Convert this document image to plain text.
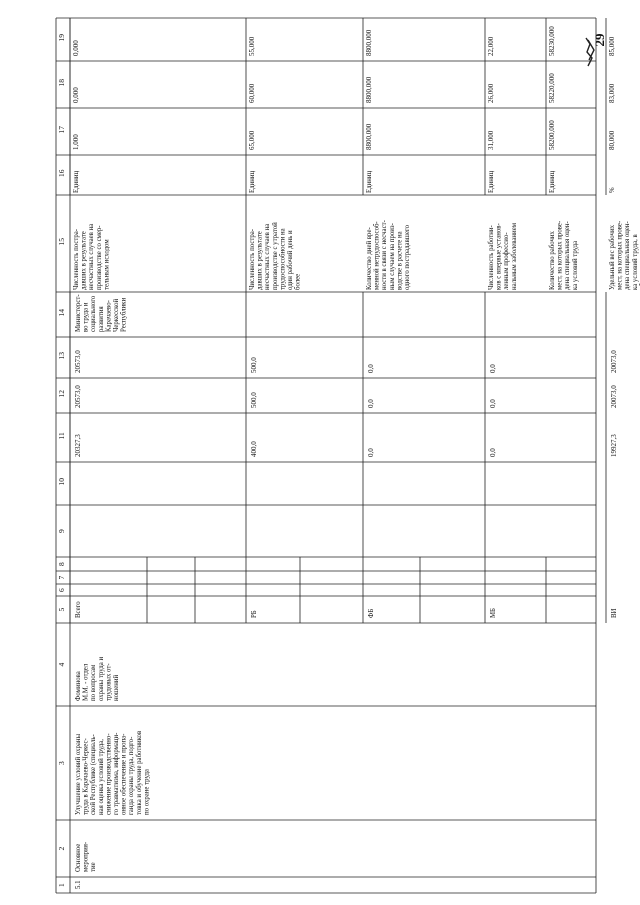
29
1
2
3
4
5
6
7
8
9
10
11
12
13
14
15
16
17
18
19
5.1
Основное мероприя- тие
Улучшение условий охраны труда в Карачаево-Черкес- ской Республике (специаль- ная оценка условий труда, снижение производственно- го травматизма, информаци- онное обеспечение и пропа- ганда охраны труда, подго- товка и обучение работников по охране труда
Фоминова М.М. - отдел по вопросам охраны труда и трудовых от- ношений
Министерст- во труда и социального развития Карачаево- Черкесской Республики
Всего
20327,3
20573,0
20573,0
РБ
400,0
500,0
500,0
ФБ
0,0
0,0
0,0
МБ
0,0
0,0
0,0
ВИ
19927,3
20073,0
20073,0
Численность постра- давших в результате несчастных случаев на производстве со смер- тельным исходом
Единиц
1,000
0,000
0,000
Численность постра- давших в результате несчастных случаев на производстве с утратой трудоспособности на один рабочий день и более
Единиц
65,000
60,000
55,000
Количество дней вре- менной нетрудоспособ- ности в связи с несчаст- ным случаем на произ- водстве в расчете на одного пострадавшего
Единиц
8800,000
8800,000
8800,000
Численность работни- ков с впервые установ- ленным профессио- нальным заболеванием
Единиц
31,000
26,000
22,000
Количество рабочих мест, на которых прове- дена специальная оцен- ка условий труда
Единиц
58200,000
58220,000
58230,000
Удельный вес рабочих мест, на которых прове- дена специальная оцен- ка условий труда, в
%
80,000
83,000
85,000
